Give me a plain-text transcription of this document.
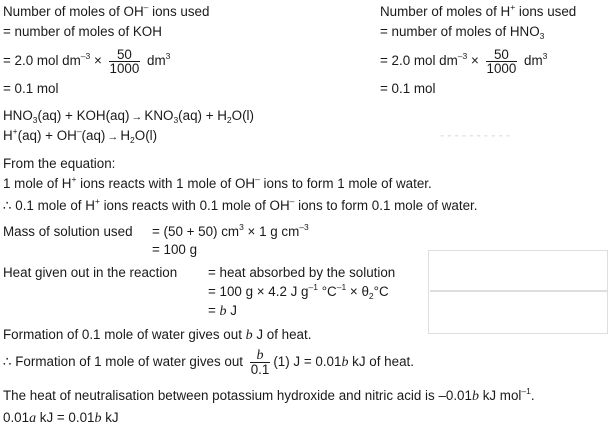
- - - - - - - - - -
Number of moles of OH– ions used
= number of moles of KOH
= 2.0 mol $dm^{-3} \times \frac{50}{1000} dm^3$
= 0.1 mol
Number of moles of H+ ions used
= number of moles of $HNO_3$
= 2.0 mol $dm^{-3} \times \frac{50}{1000} dm^3$
= 0.1 mol
$HNO_3(aq) + KOH(aq) \to KNO_3(aq) + H_2O(l)$
$H^+(aq) + OH^-(aq) \to H_2O(l)$
From the equation:
1 mole of H+ ions reacts with 1 mole of OH– ions to form 1 mole of water.
∴ 0.1 mole of H+ ions reacts with 0.1 mole of OH– ions to form 0.1 mole of water.
Mass of solution used = (50 + 50) $cm^3 \times 1$ g $cm^{-3}$
= 100 g
Heat given out in the reaction = heat absorbed by the solution
= 100 g × 4.2 J $g^{-1}$ $^\circ C^{-1} \times \theta_2^\circ C$
= b J
Formation of 0.1 mole of water gives out b J of heat.
∴ Formation of 1 mole of water gives out $\frac{b}{0.1} (1) J = 0.01b$ kJ of heat.
The heat of neutralisation between potassium hydroxide and nitric acid is –0.01b kJ mol$^{-1}$.
0.01a kJ = 0.01b kJ
